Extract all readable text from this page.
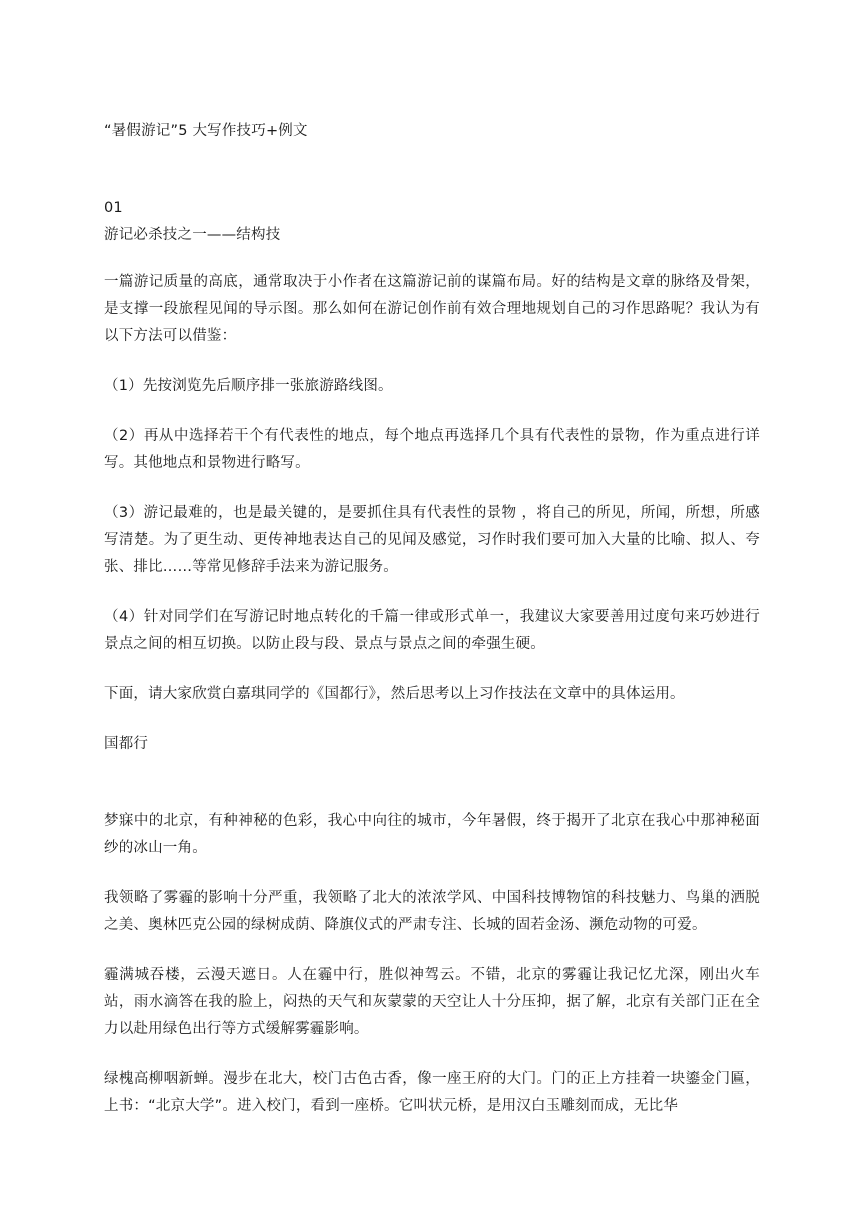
“暑假游记”5 大写作技巧+例文

01

游记必杀技之一——结构技

一篇游记质量的高底，通常取决于小作者在这篇游记前的谋篇布局。好的结构是文章的脉络及骨架，是支撑一段旅程见闻的导示图。那么如何在游记创作前有效合理地规划自己的习作思路呢？我认为有以下方法可以借鉴：

（1）先按浏览先后顺序排一张旅游路线图。

（2）再从中选择若干个有代表性的地点，每个地点再选择几个具有代表性的景物，作为重点进行详写。其他地点和景物进行略写。

（3）游记最难的，也是最关键的，是要抓住具有代表性的景物 ，将自己的所见，所闻，所想，所感写清楚。为了更生动、更传神地表达自己的见闻及感觉，习作时我们要可加入大量的比喻、拟人、夸张、排比……等常见修辞手法来为游记服务。

（4）针对同学们在写游记时地点转化的千篇一律或形式单一，我建议大家要善用过度句来巧妙进行景点之间的相互切换。以防止段与段、景点与景点之间的牵强生硬。

下面，请大家欣赏白嘉琪同学的《国都行》，然后思考以上习作技法在文章中的具体运用。

国都行

梦寐中的北京，有种神秘的色彩，我心中向往的城市，今年暑假，终于揭开了北京在我心中那神秘面纱的冰山一角。

我领略了雾霾的影响十分严重，我领略了北大的浓浓学风、中国科技博物馆的科技魅力、鸟巢的洒脱之美、奥林匹克公园的绿树成荫、降旗仪式的严肃专注、长城的固若金汤、濒危动物的可爱。

霾满城吞楼，云漫天遮日。人在霾中行，胜似神驾云。不错，北京的雾霾让我记忆尤深，刚出火车站，雨水滴答在我的脸上，闷热的天气和灰蒙蒙的天空让人十分压抑，据了解，北京有关部门正在全力以赴用绿色出行等方式缓解雾霾影响。

绿槐高柳咽新蝉。漫步在北大，校门古色古香，像一座王府的大门。门的正上方挂着一块鎏金门匾，上书：“北京大学”。进入校门，看到一座桥。它叫状元桥，是用汉白玉雕刻而成，无比华
